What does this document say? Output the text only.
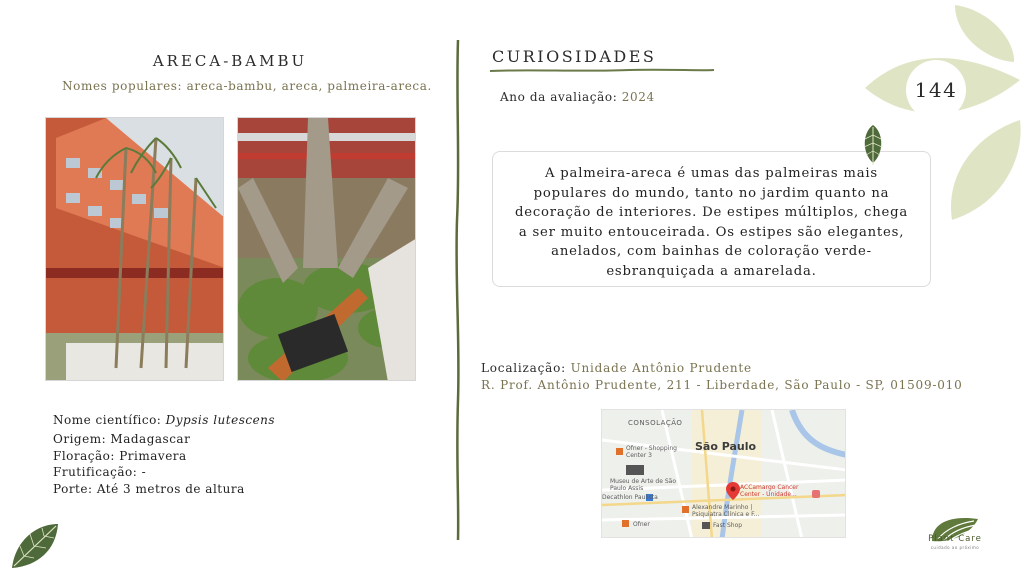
ARECA-BAMBU
Nomes populares: areca-bambu, areca, palmeira-areca.
Nome científico: Dypsis lutescens
Origem: Madagascar
Floração: Primavera
Frutificação: -
Porte: Até 3 metros de altura
CURIOSIDADES
Ano da avaliação: 2024

A palmeira-areca é umas das palmeiras mais populares do mundo, tanto no jardim quanto na decoração de interiores. De estipes múltiplos, chega a ser muito entouceirada. Os estipes são elegantes, anelados, com bainhas de coloração verde-esbranquiçada a amarelada.

Localização: Unidade Antônio Prudente
R. Prof. Antônio Prudente, 211 - Liberdade, São Paulo - SP, 01509-010
CONSOLAÇÃO
São Paulo
Ofner - Shopping Center 3
Museu de Arte de São Paulo Assis
Decathlon Paulista
ACCamargo Cancer Center - Unidade...
Alexandre Marinho | Psiquiatra Clínica e F...
Fast Shop
Ofner
144
Plant Care
cuidado ao próximo
